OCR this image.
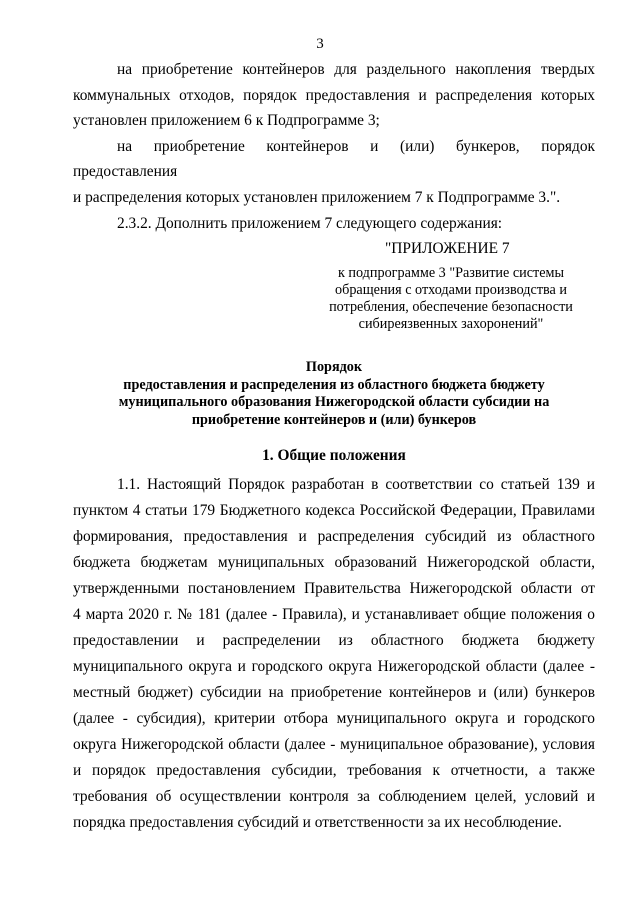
3

на приобретение контейнеров для раздельного накопления твердых

коммунальных отходов, порядок предоставления и распределения которых

установлен приложением 6 к Подпрограмме 3;

на приобретение контейнеров и (или) бункеров, порядок предоставления

и распределения которых установлен приложением 7 к Подпрограмме 3.".

2.3.2. Дополнить приложением 7 следующего содержания:

"ПРИЛОЖЕНИЕ 7

к подпрограмме 3 "Развитие системы
обращения с отходами производства и
потребления, обеспечение безопасности
сибиреязвенных захоронений"
Порядок
предоставления и распределения из областного бюджета бюджету
муниципального образования Нижегородской области субсидии на
приобретение контейнеров и (или) бункеров
1. Общие положения

1.1. Настоящий Порядок разработан в соответствии со статьей 139 и

пунктом 4 статьи 179 Бюджетного кодекса Российской Федерации, Правилами

формирования, предоставления и распределения субсидий из областного

бюджета бюджетам муниципальных образований Нижегородской области,

утвержденными постановлением Правительства Нижегородской области от

4 марта 2020 г. № 181 (далее - Правила), и устанавливает общие положения о

предоставлении и распределении из областного бюджета бюджету

муниципального округа и городского округа Нижегородской области (далее -

местный бюджет) субсидии на приобретение контейнеров и (или) бункеров

(далее - субсидия), критерии отбора муниципального округа и городского

округа Нижегородской области (далее - муниципальное образование), условия

и порядок предоставления субсидии, требования к отчетности, а также

требования об осуществлении контроля за соблюдением целей, условий и

порядка предоставления субсидий и ответственности за их несоблюдение.
